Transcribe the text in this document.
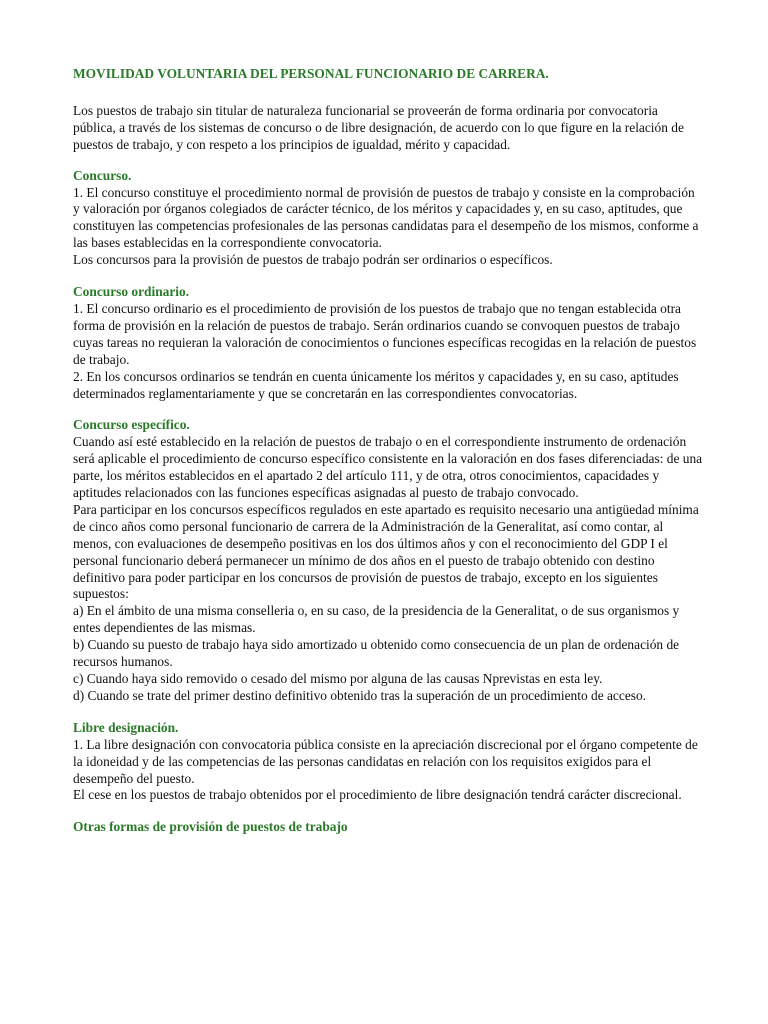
MOVILIDAD VOLUNTARIA DEL PERSONAL FUNCIONARIO DE CARRERA.

Los puestos de trabajo sin titular de naturaleza funcionarial se proveerán de forma ordinaria por convocatoria pública, a través de los sistemas de concurso o de libre designación, de acuerdo con lo que figure en la relación de puestos de trabajo, y con respeto a los principios de igualdad, mérito y capacidad.

Concurso.

1. El concurso constituye el procedimiento normal de provisión de puestos de trabajo y consiste en la comprobación y valoración por órganos colegiados de carácter técnico, de los méritos y capacidades y, en su caso, aptitudes, que constituyen las competencias profesionales de las personas candidatas para el desempeño de los mismos, conforme a las bases establecidas en la correspondiente convocatoria.

Los concursos para la provisión de puestos de trabajo podrán ser ordinarios o específicos.

Concurso ordinario.

1. El concurso ordinario es el procedimiento de provisión de los puestos de trabajo que no tengan establecida otra forma de provisión en la relación de puestos de trabajo. Serán ordinarios cuando se convoquen puestos de trabajo cuyas tareas no requieran la valoración de conocimientos o funciones específicas recogidas en la relación de puestos de trabajo.

2. En los concursos ordinarios se tendrán en cuenta únicamente los méritos y capacidades y, en su caso, aptitudes determinados reglamentariamente y que se concretarán en las correspondientes convocatorias.

Concurso específico.

Cuando así esté establecido en la relación de puestos de trabajo o en el correspondiente instrumento de ordenación será aplicable el procedimiento de concurso específico consistente en la valoración en dos fases diferenciadas: de una parte, los méritos establecidos en el apartado 2 del artículo 111, y de otra, otros conocimientos, capacidades y aptitudes relacionados con las funciones específicas asignadas al puesto de trabajo convocado.

Para participar en los concursos específicos regulados en este apartado es requisito necesario una antigüedad mínima de cinco años como personal funcionario de carrera de la Administración de la Generalitat, así como contar, al menos, con evaluaciones de desempeño positivas en los dos últimos años y con el reconocimiento del GDP I el personal funcionario deberá permanecer un mínimo de dos años en el puesto de trabajo obtenido con destino definitivo para poder participar en los concursos de provisión de puestos de trabajo, excepto en los siguientes supuestos:

a) En el ámbito de una misma conselleria o, en su caso, de la presidencia de la Generalitat, o de sus organismos y entes dependientes de las mismas.

b) Cuando su puesto de trabajo haya sido amortizado u obtenido como consecuencia de un plan de ordenación de recursos humanos.

c) Cuando haya sido removido o cesado del mismo por alguna de las causas Nprevistas en esta ley.

d) Cuando se trate del primer destino definitivo obtenido tras la superación de un procedimiento de acceso.

Libre designación.

1. La libre designación con convocatoria pública consiste en la apreciación discrecional por el órgano competente de la idoneidad y de las competencias de las personas candidatas en relación con los requisitos exigidos para el desempeño del puesto.

El cese en los puestos de trabajo obtenidos por el procedimiento de libre designación tendrá carácter discrecional.

Otras formas de provisión de puestos de trabajo
